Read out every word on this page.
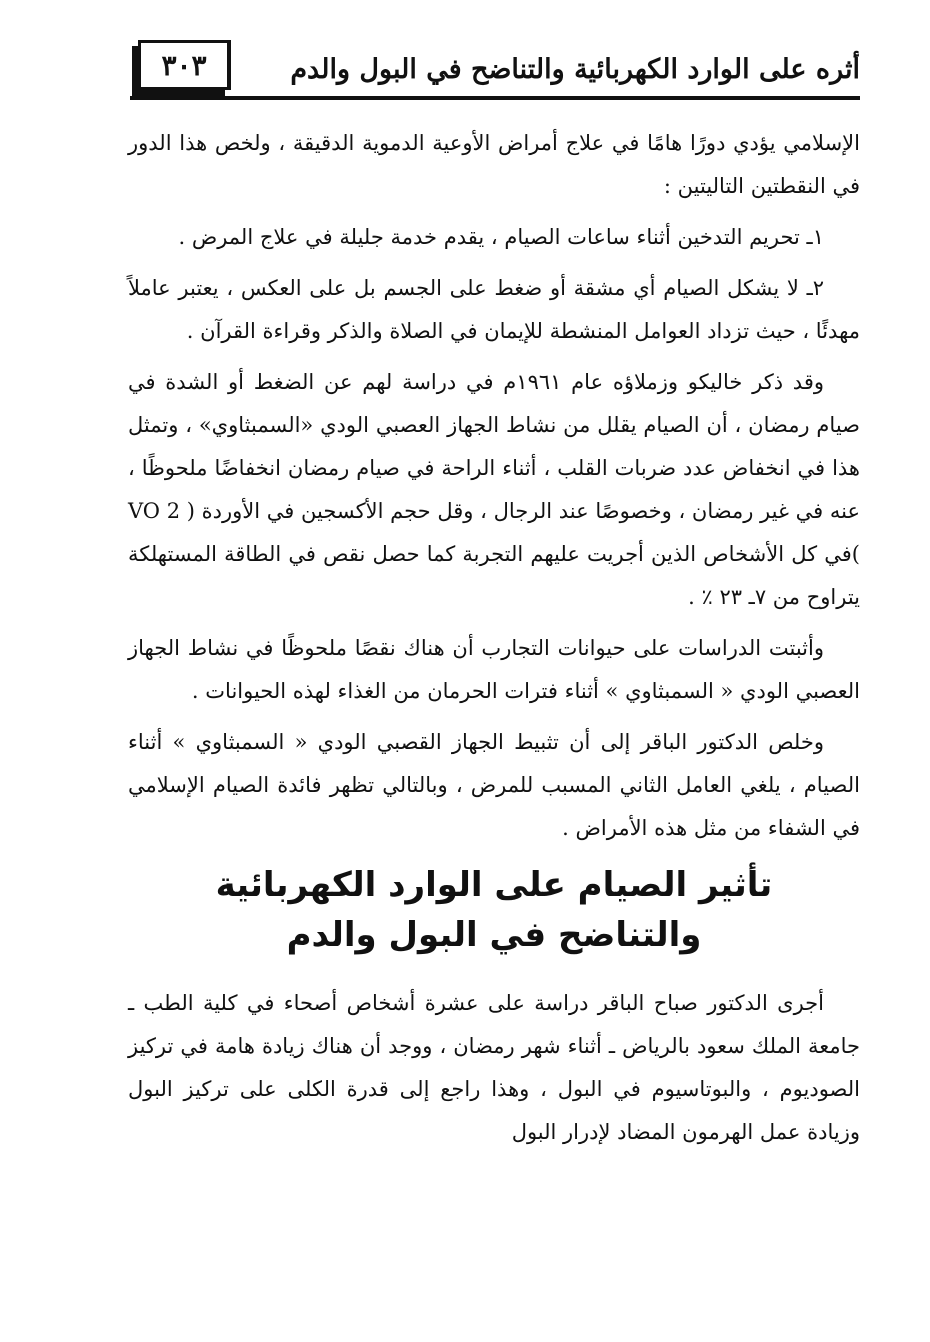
٣٠٣	أثره على الوارد الكهربائية والتناضح في البول والدم

الإسلامي يؤدي دورًا هامًا في علاج أمراض الأوعية الدموية الدقيقة ، ولخص هذا الدور في النقطتين التاليتين :

١ـ تحريم التدخين أثناء ساعات الصيام ، يقدم خدمة جليلة في علاج المرض .

٢ـ لا يشكل الصيام أي مشقة أو ضغط على الجسم بل على العكس ، يعتبر عاملاً مهدئًا ، حيث تزداد العوامل المنشطة للإيمان في الصلاة والذكر وقراءة القرآن .

وقد ذكر خاليكو وزملاؤه عام ١٩٦١م في دراسة لهم عن الضغط أو الشدة في صيام رمضان ، أن الصيام يقلل من نشاط الجهاز العصبي الودي «السمبثاوي» ، وتمثل هذا في انخفاض عدد ضربات القلب ، أثناء الراحة في صيام رمضان انخفاضًا ملحوظًا ، عنه في غير رمضان ، وخصوصًا عند الرجال ، وقل حجم الأكسجين في الأوردة ( VO 2 )في كل الأشخاص الذين أجريت عليهم التجربة كما حصل نقص في الطاقة المستهلكة يتراوح من ٧ـ ٢٣ ٪ .

وأثبتت الدراسات على حيوانات التجارب أن هناك نقصًا ملحوظًا في نشاط الجهاز العصبي الودي « السمبثاوي » أثناء فترات الحرمان من الغذاء لهذه الحيوانات .

وخلص الدكتور الباقر إلى أن تثبيط الجهاز القصبي الودي « السمبثاوي » أثناء الصيام ، يلغي العامل الثاني المسبب للمرض ، وبالتالي تظهر فائدة الصيام الإسلامي في الشفاء من مثل هذه الأمراض .

تأثير الصيام على الوارد الكهربائية
والتناضح في البول والدم

أجرى الدكتور صباح الباقر دراسة على عشرة أشخاص أصحاء في كلية الطب ـ جامعة الملك سعود بالرياض ـ أثناء شهر رمضان ، ووجد أن هناك زيادة هامة في تركيز الصوديوم ، والبوتاسيوم في البول ، وهذا راجع إلى قدرة الكلى على تركيز البول وزيادة عمل الهرمون المضاد لإدرار البول
